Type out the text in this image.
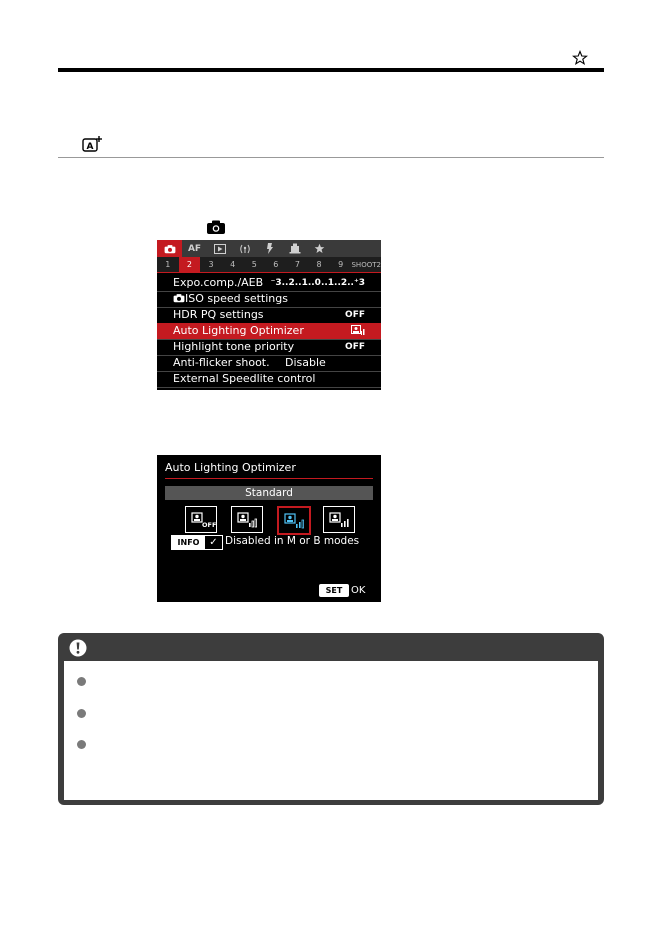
A
AF
1	2	3	4	5	6	7	8	9	SHOOT2
Expo.comp./AEB ⁻3..2..1..0..1..2..⁺3
ISO speed settings
HDR PQ settings	OFF
Auto Lighting Optimizer
Highlight tone priority	OFF
Anti-flicker shoot. Disable
External Speedlite control
Auto Lighting Optimizer
Standard
OFF
INFO ✓ Disabled in M or B modes
SET OK
